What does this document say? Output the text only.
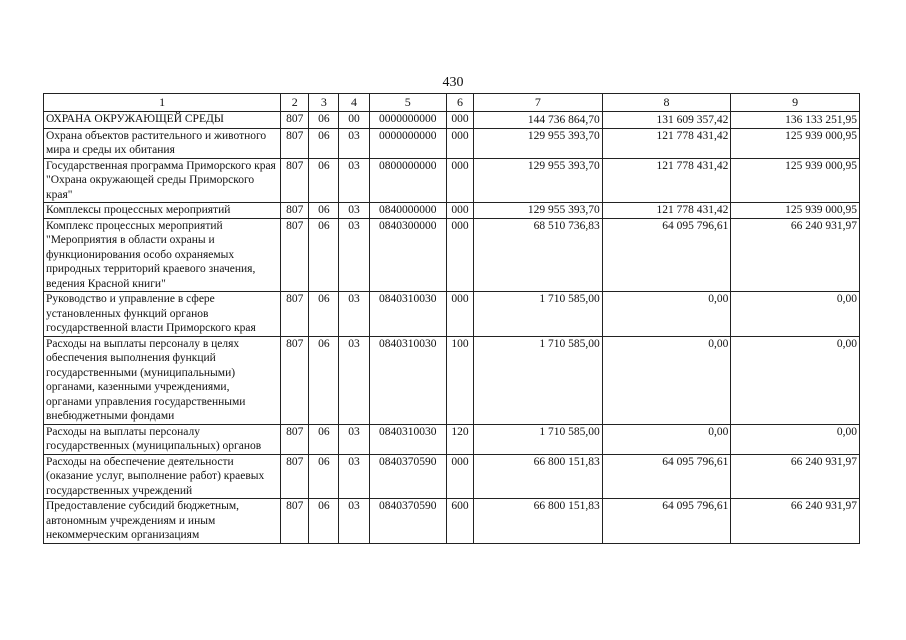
430
1	2	3	4	5	6	7	8	9
ОХРАНА ОКРУЖАЮЩЕЙ СРЕДЫ	807	06	00	0000000000	000	144 736 864,70	131 609 357,42	136 133 251,95
Охрана объектов растительного и животного мира и среды их обитания	807	06	03	0000000000	000	129 955 393,70	121 778 431,42	125 939 000,95
Государственная программа Приморского края "Охрана окружающей среды Приморского края"	807	06	03	0800000000	000	129 955 393,70	121 778 431,42	125 939 000,95
Комплексы процессных мероприятий	807	06	03	0840000000	000	129 955 393,70	121 778 431,42	125 939 000,95
Комплекс процессных мероприятий "Мероприятия в области охраны и функционирования особо охраняемых природных территорий краевого значения, ведения Красной книги"	807	06	03	0840300000	000	68 510 736,83	64 095 796,61	66 240 931,97
Руководство и управление в сфере установленных функций органов государственной власти Приморского края	807	06	03	0840310030	000	1 710 585,00	0,00	0,00
Расходы на выплаты персоналу в целях обеспечения выполнения функций государственными (муниципальными) органами, казенными учреждениями, органами управления государственными внебюджетными фондами	807	06	03	0840310030	100	1 710 585,00	0,00	0,00
Расходы на выплаты персоналу государственных (муниципальных) органов	807	06	03	0840310030	120	1 710 585,00	0,00	0,00
Расходы на обеспечение деятельности (оказание услуг, выполнение работ) краевых государственных учреждений	807	06	03	0840370590	000	66 800 151,83	64 095 796,61	66 240 931,97
Предоставление субсидий бюджетным, автономным учреждениям и иным некоммерческим организациям	807	06	03	0840370590	600	66 800 151,83	64 095 796,61	66 240 931,97
